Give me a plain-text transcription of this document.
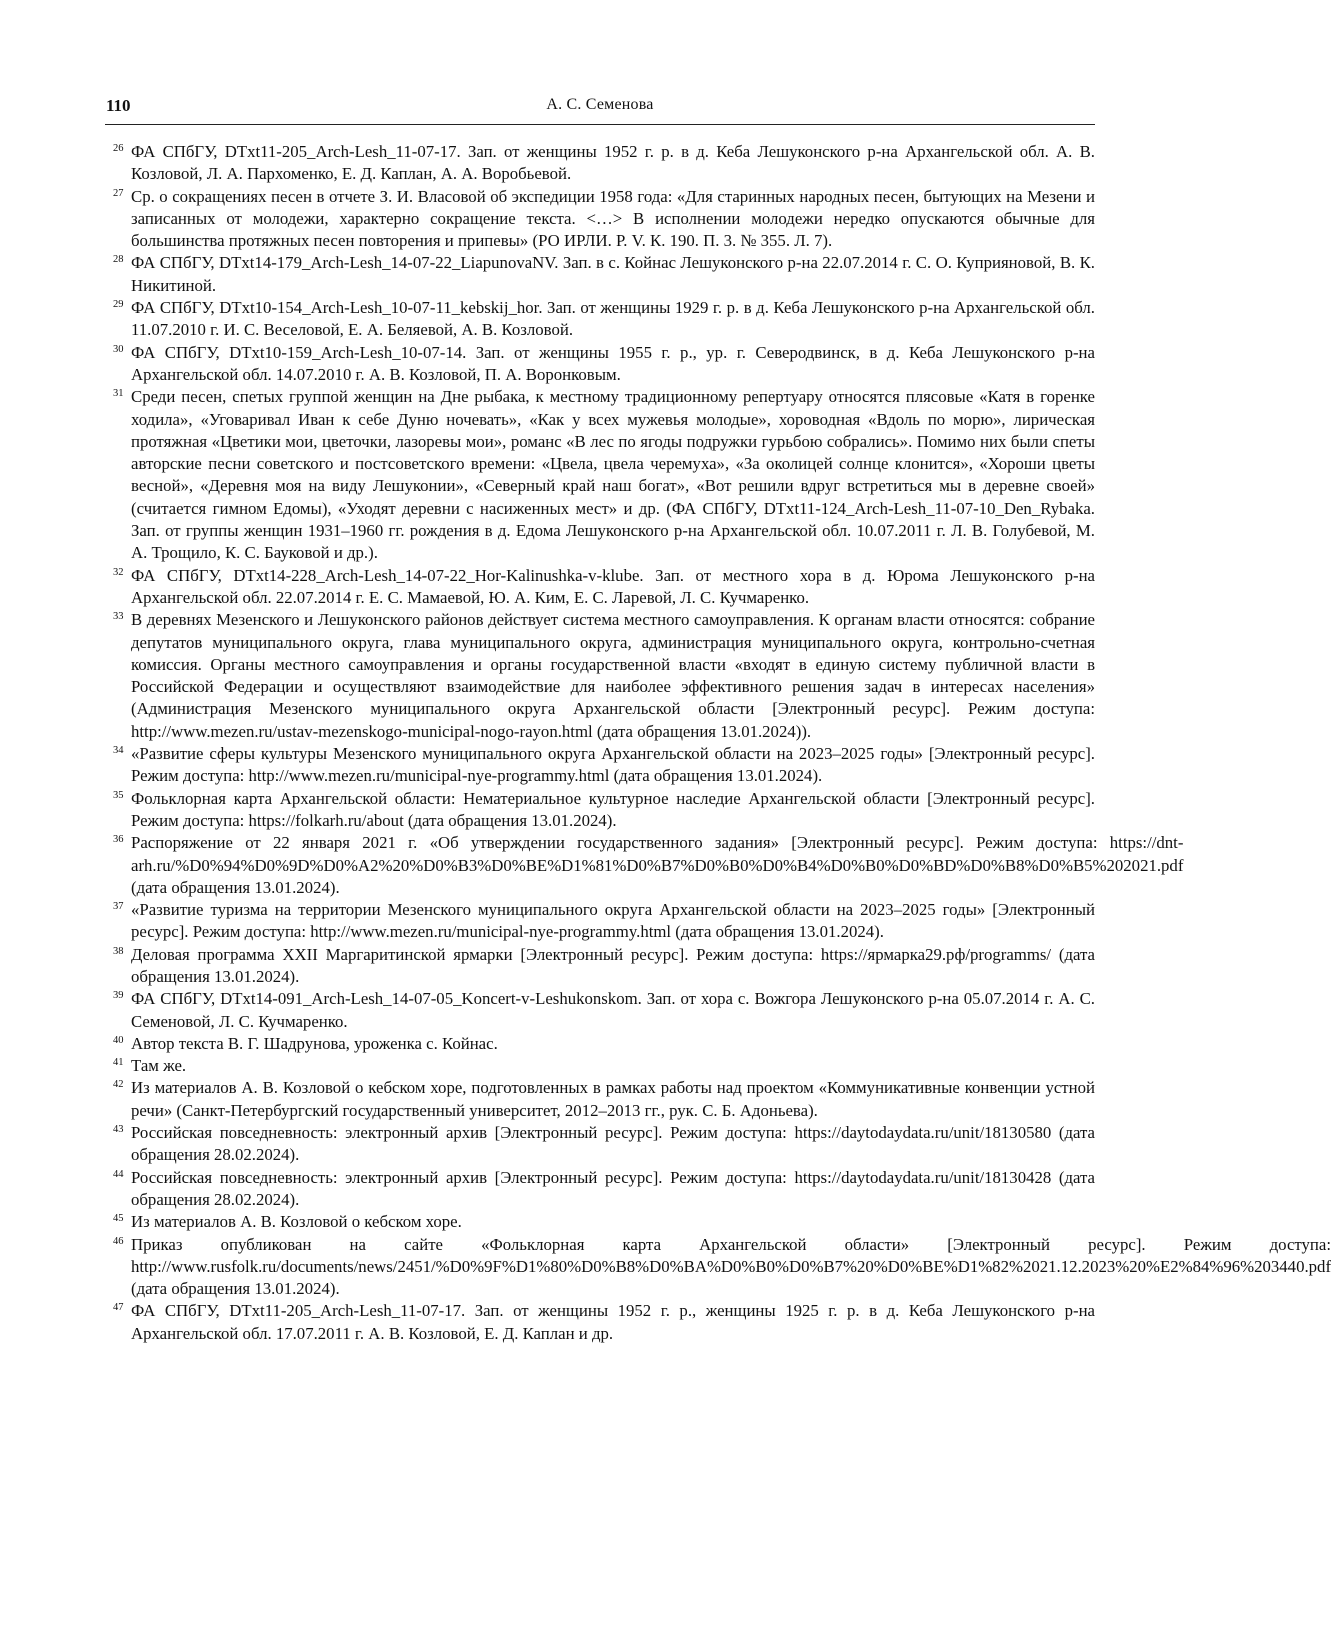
110	А. С. Семенова
26 ФА СПбГУ, DTxt11-205_Arch-Lesh_11-07-17. Зап. от женщины 1952 г. р. в д. Кеба Лешуконского р-на Архангельской обл. А. В. Козловой, Л. А. Пархоменко, Е. Д. Каплан, А. А. Воробьевой.
27 Ср. о сокращениях песен в отчете З. И. Власовой об экспедиции 1958 года: «Для старинных народных песен, бытующих на Мезени и записанных от молодежи, характерно сокращение текста. <…> В исполнении молодежи нередко опускаются обычные для большинства протяжных песен повторения и припевы» (РО ИРЛИ. Р. V. К. 190. П. 3. № 355. Л. 7).
28 ФА СПбГУ, DTxt14-179_Arch-Lesh_14-07-22_LiapunovaNV. Зап. в с. Койнас Лешуконского р-на 22.07.2014 г. С. О. Куприяновой, В. К. Никитиной.
29 ФА СПбГУ, DTxt10-154_Arch-Lesh_10-07-11_kebskij_hor. Зап. от женщины 1929 г. р. в д. Кеба Лешуконского р-на Архангельской обл. 11.07.2010 г. И. С. Веселовой, Е. А. Беляевой, А. В. Козловой.
30 ФА СПбГУ, DTxt10-159_Arch-Lesh_10-07-14. Зап. от женщины 1955 г. р., ур. г. Северодвинск, в д. Кеба Лешуконского р-на Архангельской обл. 14.07.2010 г. А. В. Козловой, П. А. Воронковым.
31 Среди песен, спетых группой женщин на Дне рыбака, к местному традиционному репертуару относятся плясовые «Катя в горенке ходила», «Уговаривал Иван к себе Дуню ночевать», «Как у всех мужевья молодые», хороводная «Вдоль по морю», лирическая протяжная «Цветики мои, цветочки, лазоревы мои», романс «В лес по ягоды подружки гурьбою собрались». Помимо них были спеты авторские песни советского и постсоветского времени: «Цвела, цвела черемуха», «За околицей солнце клонится», «Хороши цветы весной», «Деревня моя на виду Лешуконии», «Северный край наш богат», «Вот решили вдруг встретиться мы в деревне своей» (считается гимном Едомы), «Уходят деревни с насиженных мест» и др. (ФА СПбГУ, DTxt11-124_Arch-Lesh_11-07-10_Den_Rybaka. Зап. от группы женщин 1931–1960 гг. рождения в д. Едома Лешуконского р-на Архангельской обл. 10.07.2011 г. Л. В. Голубевой, М. А. Трощило, К. С. Бауковой и др.).
32 ФА СПбГУ, DTxt14-228_Arch-Lesh_14-07-22_Hor-Kalinushka-v-klube. Зап. от местного хора в д. Юрома Лешуконского р-на Архангельской обл. 22.07.2014 г. Е. С. Мамаевой, Ю. А. Ким, Е. С. Ларевой, Л. С. Кучмаренко.
33 В деревнях Мезенского и Лешуконского районов действует система местного самоуправления. К органам власти относятся: собрание депутатов муниципального округа, глава муниципального округа, администрация муниципального округа, контрольно-счетная комиссия. Органы местного самоуправления и органы государственной власти «входят в единую систему публичной власти в Российской Федерации и осуществляют взаимодействие для наиболее эффективного решения задач в интересах населения» (Администрация Мезенского муниципального округа Архангельской области [Электронный ресурс]. Режим доступа: http://www.mezen.ru/ustav-mezenskogo-municipal-nogo-rayon.html (дата обращения 13.01.2024)).
34 «Развитие сферы культуры Мезенского муниципального округа Архангельской области на 2023–2025 годы» [Электронный ресурс]. Режим доступа: http://www.mezen.ru/municipal-nye-programmy.html (дата обращения 13.01.2024).
35 Фольклорная карта Архангельской области: Нематериальное культурное наследие Архангельской области [Электронный ресурс]. Режим доступа: https://folkarh.ru/about (дата обращения 13.01.2024).
36 Распоряжение от 22 января 2021 г. «Об утверждении государственного задания» [Электронный ресурс]. Режим доступа: https://dnt-arh.ru/%D0%94%D0%9D%D0%A2%20%D0%B3%D0%BE%D1%81%D0%B7%D0%B0%D0%B4%D0%B0%D0%BD%D0%B8%D0%B5%202021.pdf (дата обращения 13.01.2024).
37 «Развитие туризма на территории Мезенского муниципального округа Архангельской области на 2023–2025 годы» [Электронный ресурс]. Режим доступа: http://www.mezen.ru/municipal-nye-programmy.html (дата обращения 13.01.2024).
38 Деловая программа XXII Маргаритинской ярмарки [Электронный ресурс]. Режим доступа: https://ярмарка29.рф/programms/ (дата обращения 13.01.2024).
39 ФА СПбГУ, DTxt14-091_Arch-Lesh_14-07-05_Koncert-v-Leshukonskom. Зап. от хора с. Вожгора Лешуконского р-на 05.07.2014 г. А. С. Семеновой, Л. С. Кучмаренко.
40 Автор текста В. Г. Шадрунова, уроженка с. Койнас.
41 Там же.
42 Из материалов А. В. Козловой о кебском хоре, подготовленных в рамках работы над проектом «Коммуникативные конвенции устной речи» (Санкт-Петербургский государственный университет, 2012–2013 гг., рук. С. Б. Адоньева).
43 Российская повседневность: электронный архив [Электронный ресурс]. Режим доступа: https://daytodaydata.ru/unit/18130580 (дата обращения 28.02.2024).
44 Российская повседневность: электронный архив [Электронный ресурс]. Режим доступа: https://daytodaydata.ru/unit/18130428 (дата обращения 28.02.2024).
45 Из материалов А. В. Козловой о кебском хоре.
46 Приказ опубликован на сайте «Фольклорная карта Архангельской области» [Электронный ресурс]. Режим доступа: http://www.rusfolk.ru/documents/news/2451/%D0%9F%D1%80%D0%B8%D0%BA%D0%B0%D0%B7%20%D0%BE%D1%82%2021.12.2023%20%E2%84%96%203440.pdf (дата обращения 13.01.2024).
47 ФА СПбГУ, DTxt11-205_Arch-Lesh_11-07-17. Зап. от женщины 1952 г. р., женщины 1925 г. р. в д. Кеба Лешуконского р-на Архангельской обл. 17.07.2011 г. А. В. Козловой, Е. Д. Каплан и др.
